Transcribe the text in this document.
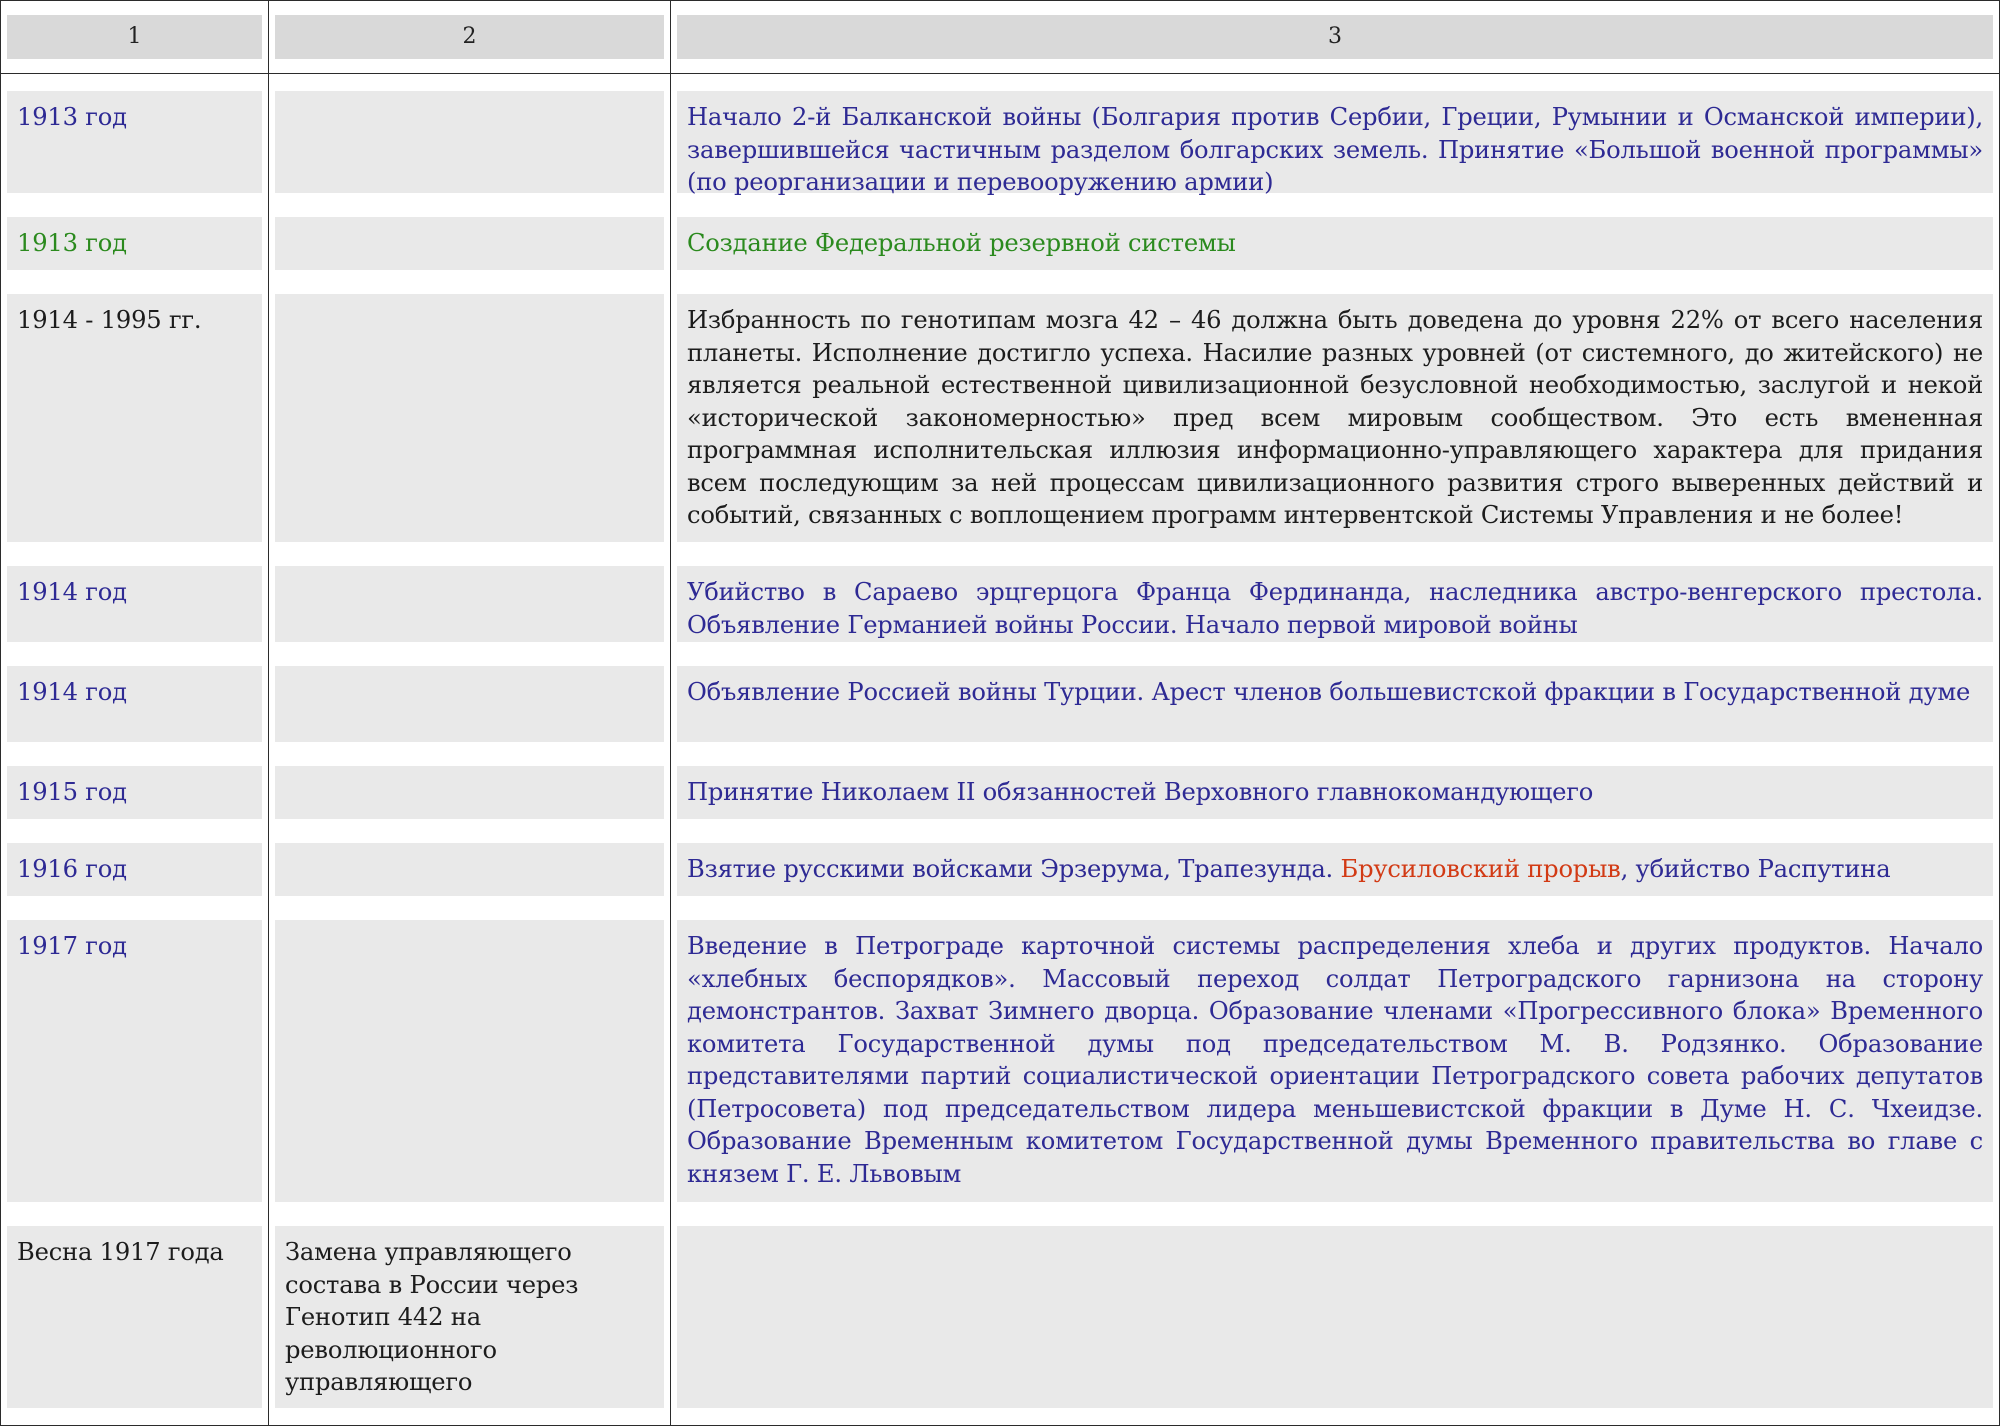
1	2	3

1913 год		Начало 2-й Балканской войны (Болгария против Сербии, Греции, Румынии и Османской империи), завершившейся частичным разделом болгарских земель. Принятие «Большой военной программы» (по реорганизации и перевооружению армии)

1913 год		Создание Федеральной резервной системы

1914 - 1995 гг.		Избранность по генотипам мозга 42 – 46 должна быть доведена до уровня 22% от всего населения планеты. Исполнение достигло успеха. Насилие разных уровней (от системного, до житейского) не является реальной естественной цивилизационной безусловной необходимостью, заслугой и некой «исторической закономерностью» пред всем мировым сообществом. Это есть вмененная программная исполнительская иллюзия информационно-управляющего характера для придания всем последующим за ней процессам цивилизационного развития строго выверенных действий и событий, связанных с воплощением программ интервентской Системы Управления и не более!

1914 год		Убийство в Сараево эрцгерцога Франца Фердинанда, наследника австро-венгерского престола. Объявление Германией войны России. Начало первой мировой войны

1914 год		Объявление Россией войны Турции. Арест членов большевистской фракции в Государственной думе

1915 год		Принятие Николаем II обязанностей Верховного главнокомандующего

1916 год		Взятие русскими войсками Эрзерума, Трапезунда. Брусиловский прорыв, убийство Распутина

1917 год		Введение в Петрограде карточной системы распределения хлеба и других продуктов. Начало «хлебных беспорядков». Массовый переход солдат Петроградского гарнизона на сторону демонстрантов. Захват Зимнего дворца. Образование членами «Прогрессивного блока» Временного комитета Государственной думы под председательством М. В. Родзянко. Образование представителями партий социалистической ориентации Петроградского совета рабочих депутатов (Петросовета) под председательством лидера меньшевистской фракции в Думе Н. С. Чхеидзе. Образование Временным комитетом Государственной думы Временного правительства во главе с князем Г. Е. Львовым

Весна 1917 года	Замена управляющего состава в России через Генотип 442 на революционного управляющего	
